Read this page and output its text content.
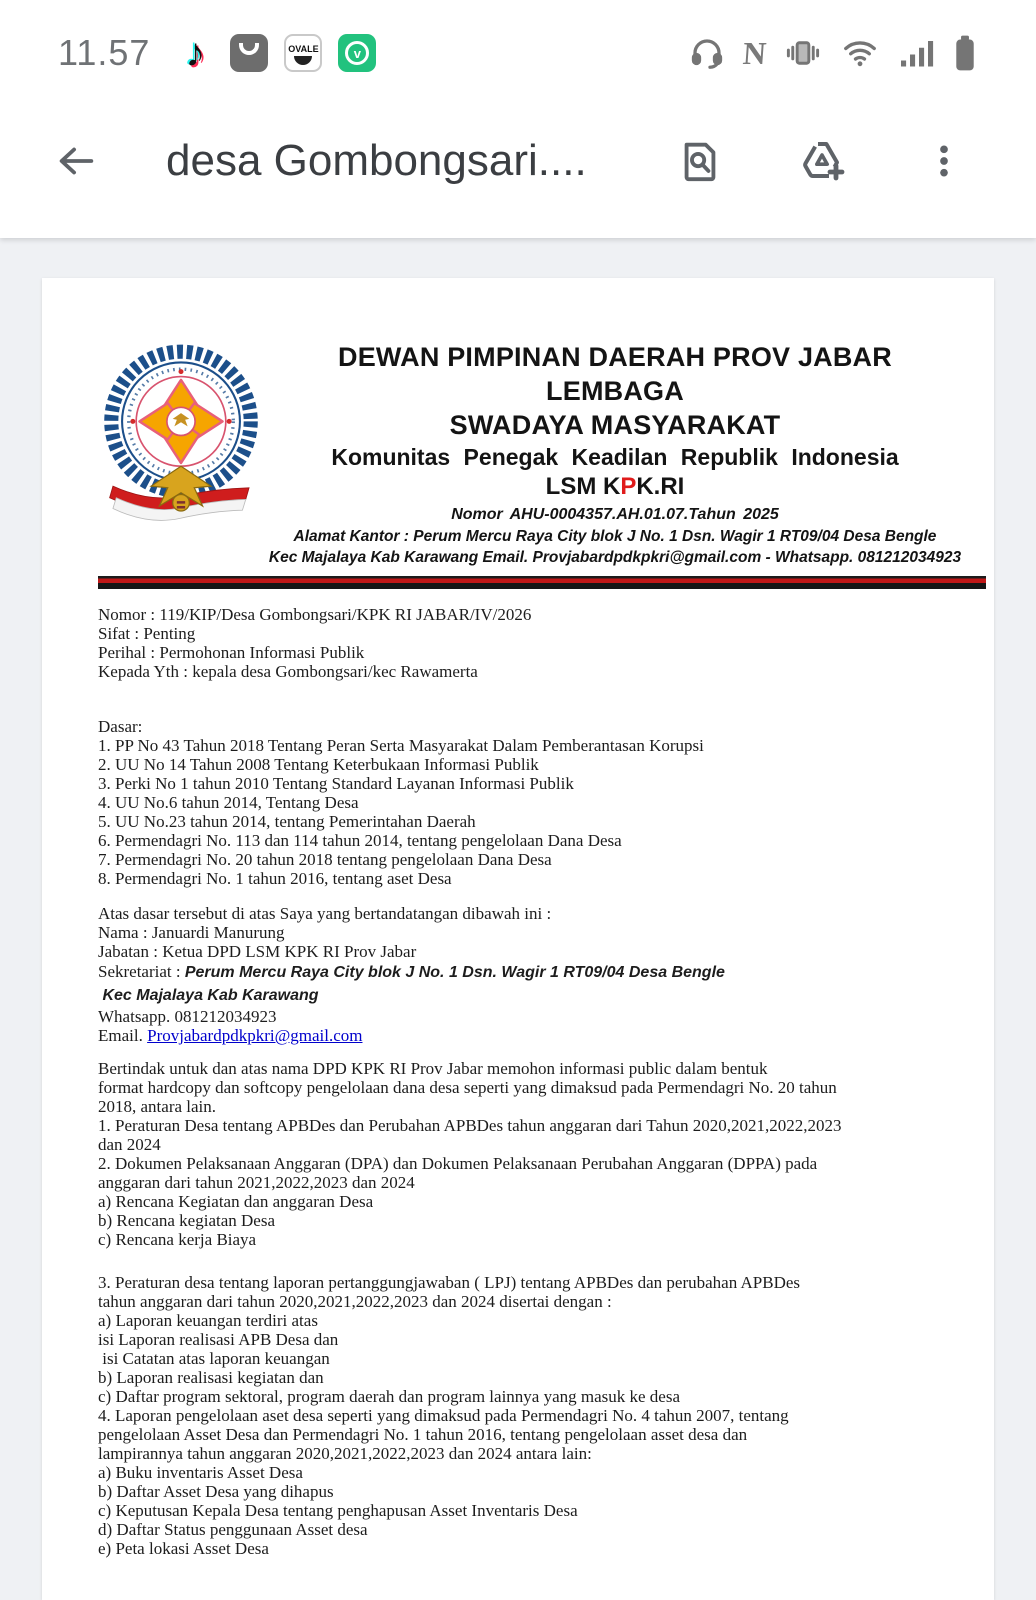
11.57 ♪	OVALE	v	N
desa Gombongsari....
DEWAN PIMPINAN DAERAH PROV JABAR LEMBAGA
SWADAYA MASYARAKAT
Komunitas Penegak Keadilan Republik Indonesia
LSM KPK.RI
Nomor AHU-0004357.AH.01.07.Tahun 2025
Alamat Kantor : Perum Mercu Raya City blok J No. 1 Dsn. Wagir 1 RT09/04 Desa Bengle
Kec Majalaya Kab Karawang Email. Provjabardpdkpkri@gmail.com - Whatsapp. 081212034923
Nomor : 119/KIP/Desa Gombongsari/KPK RI JABAR/IV/2026
Sifat : Penting
Perihal : Permohonan Informasi Publik
Kepada Yth : kepala desa Gombongsari/kec Rawamerta
Dasar:
1. PP No 43 Tahun 2018 Tentang Peran Serta Masyarakat Dalam Pemberantasan Korupsi
2. UU No 14 Tahun 2008 Tentang Keterbukaan Informasi Publik
3. Perki No 1 tahun 2010 Tentang Standard Layanan Informasi Publik
4. UU No.6 tahun 2014, Tentang Desa
5. UU No.23 tahun 2014, tentang Pemerintahan Daerah
6. Permendagri No. 113 dan 114 tahun 2014, tentang pengelolaan Dana Desa
7. Permendagri No. 20 tahun 2018 tentang pengelolaan Dana Desa
8. Permendagri No. 1 tahun 2016, tentang aset Desa
Atas dasar tersebut di atas Saya yang bertandatangan dibawah ini :
Nama : Januardi Manurung
Jabatan : Ketua DPD LSM KPK RI Prov Jabar
Sekretariat : Perum Mercu Raya City blok J No. 1 Dsn. Wagir 1 RT09/04 Desa Bengle
Kec Majalaya Kab Karawang
Whatsapp. 081212034923
Email. Provjabardpdkpkri@gmail.com
Bertindak untuk dan atas nama DPD KPK RI Prov Jabar memohon informasi public dalam bentuk
format hardcopy dan softcopy pengelolaan dana desa seperti yang dimaksud pada Permendagri No. 20 tahun
2018, antara lain.
1. Peraturan Desa tentang APBDes dan Perubahan APBDes tahun anggaran dari Tahun 2020,2021,2022,2023
dan 2024
2. Dokumen Pelaksanaan Anggaran (DPA) dan Dokumen Pelaksanaan Perubahan Anggaran (DPPA) pada
anggaran dari tahun 2021,2022,2023 dan 2024
a) Rencana Kegiatan dan anggaran Desa
b) Rencana kegiatan Desa
c) Rencana kerja Biaya
3. Peraturan desa tentang laporan pertanggungjawaban ( LPJ) tentang APBDes dan perubahan APBDes
tahun anggaran dari tahun 2020,2021,2022,2023 dan 2024 disertai dengan :
a) Laporan keuangan terdiri atas
isi Laporan realisasi APB Desa dan
isi Catatan atas laporan keuangan
b) Laporan realisasi kegiatan dan
c) Daftar program sektoral, program daerah dan program lainnya yang masuk ke desa
4. Laporan pengelolaan aset desa seperti yang dimaksud pada Permendagri No. 4 tahun 2007, tentang
pengelolaan Asset Desa dan Permendagri No. 1 tahun 2016, tentang pengelolaan asset desa dan
lampirannya tahun anggaran 2020,2021,2022,2023 dan 2024 antara lain:
a) Buku inventaris Asset Desa
b) Daftar Asset Desa yang dihapus
c) Keputusan Kepala Desa tentang penghapusan Asset Inventaris Desa
d) Daftar Status penggunaan Asset desa
e) Peta lokasi Asset Desa
